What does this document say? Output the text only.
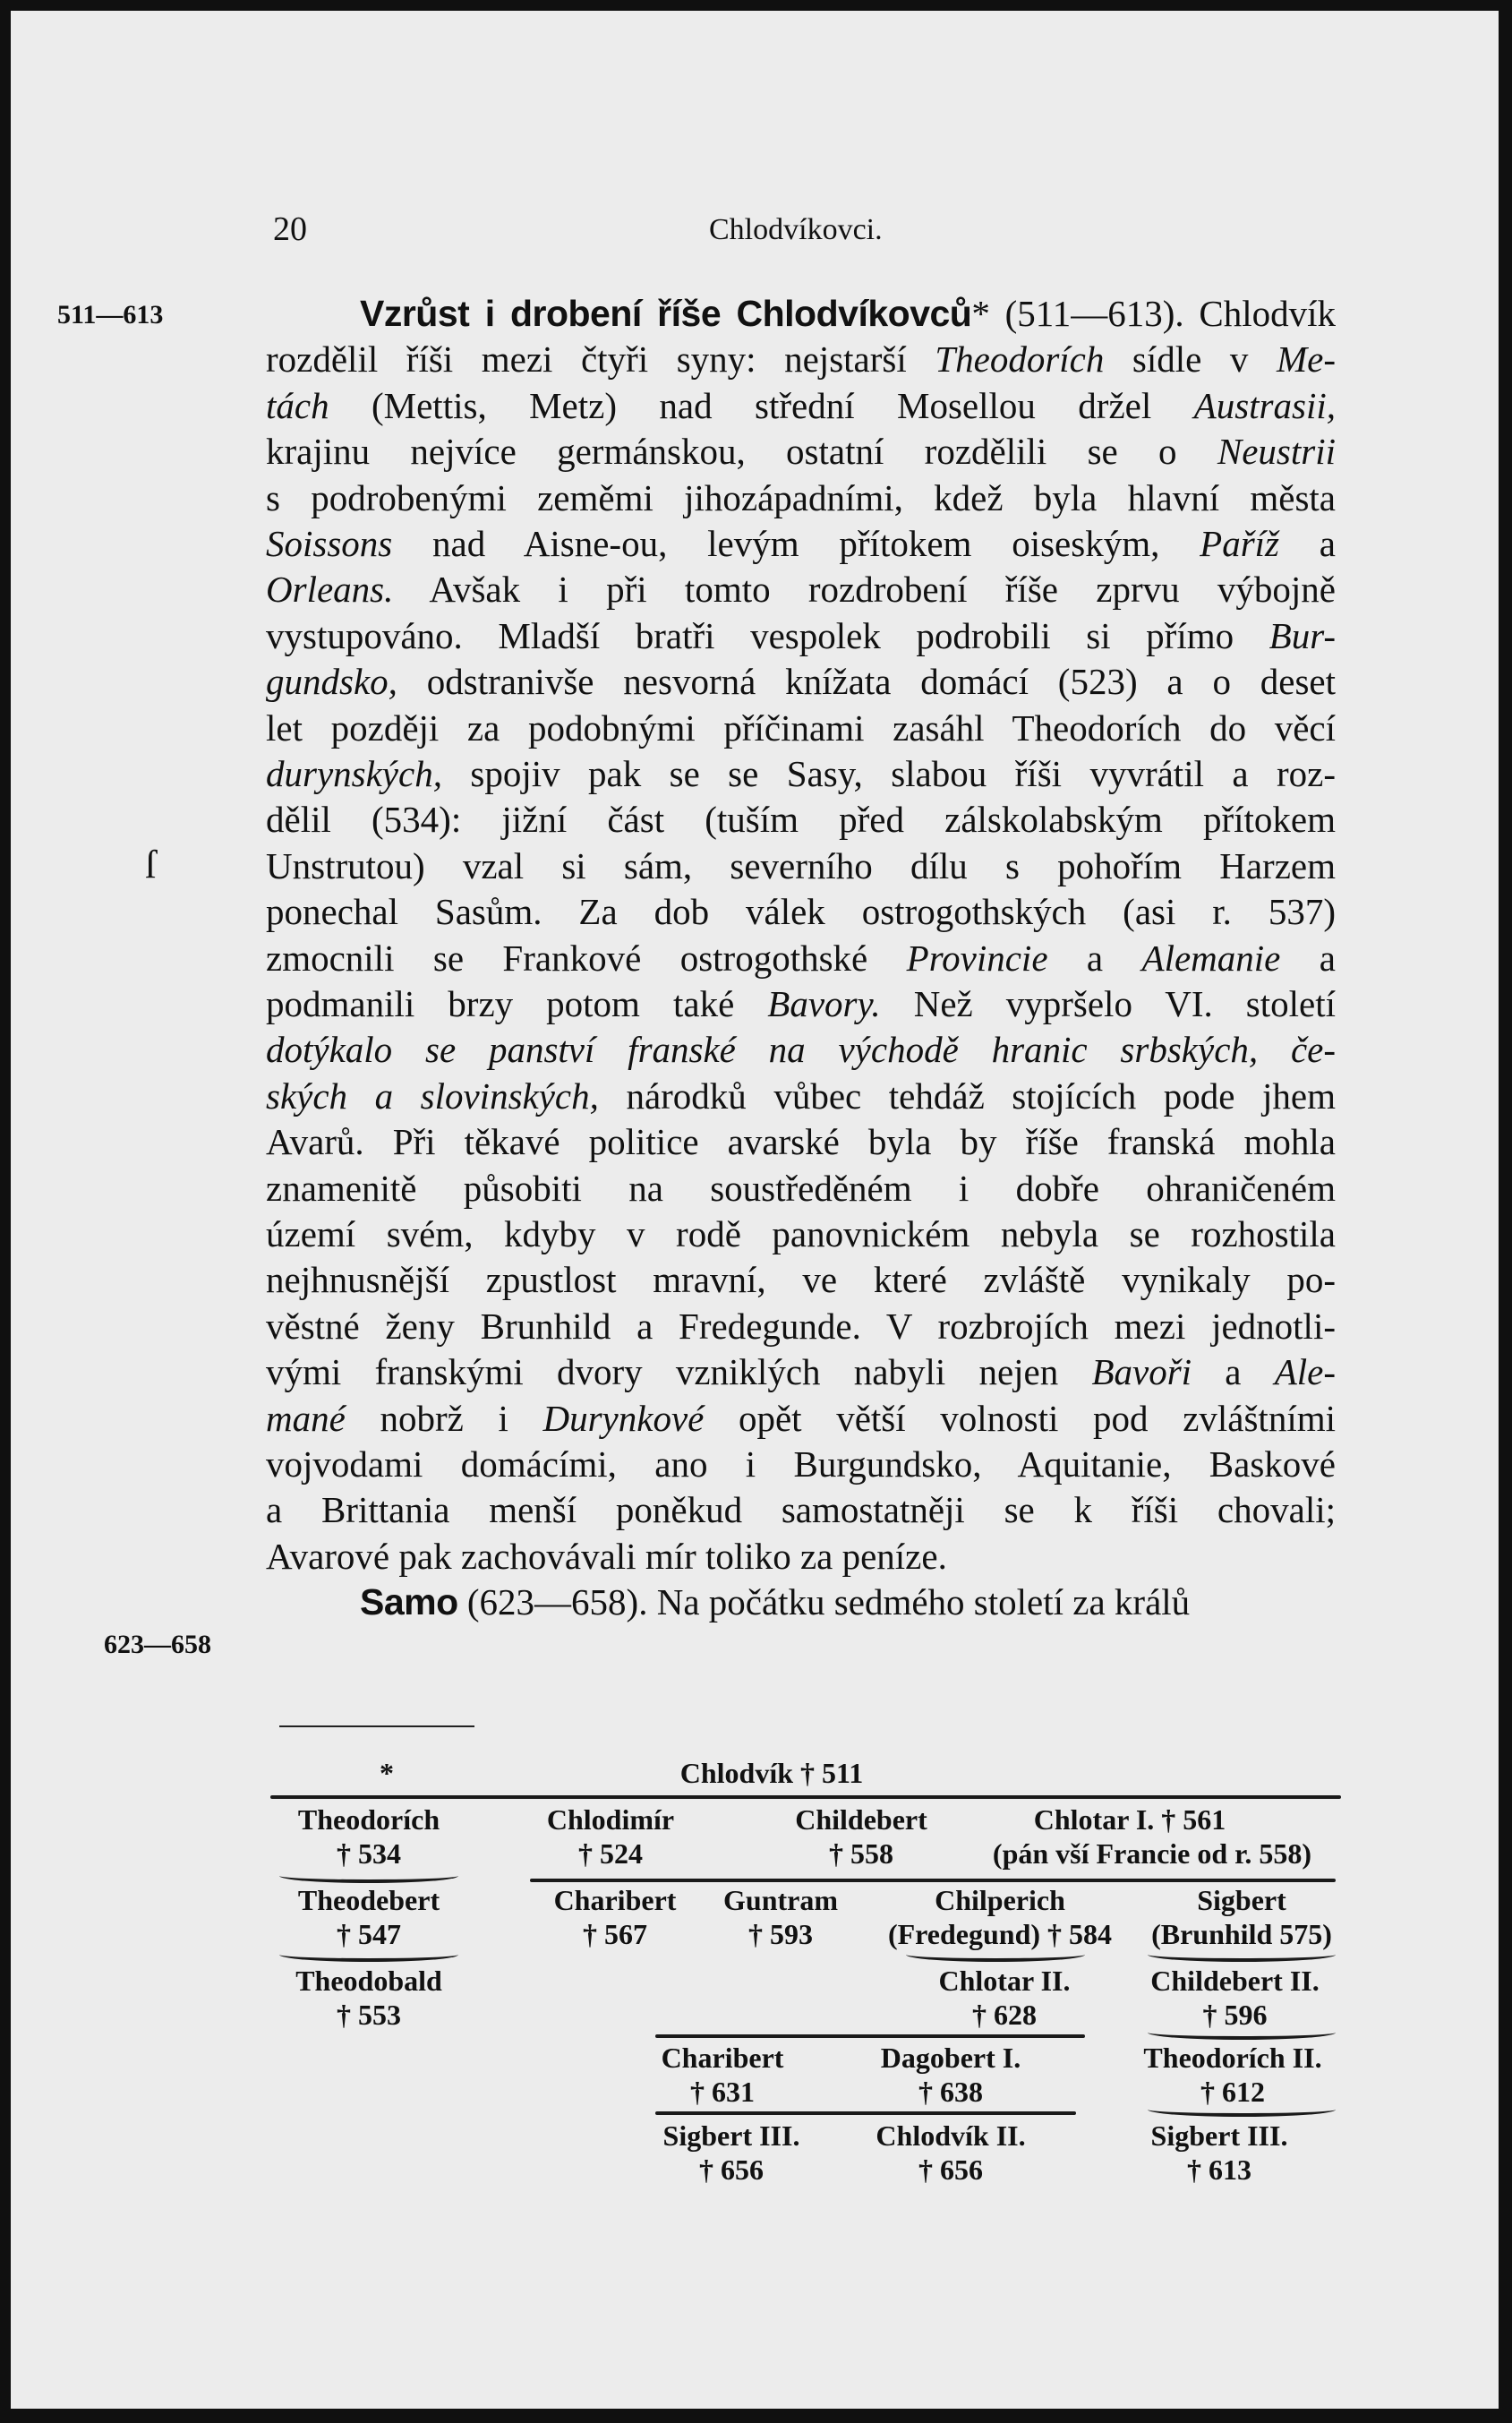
20	Chlodvíkovci.
511—613
ſ
623—658
Vzrůst i drobení říše Chlodvíkovců* (511—613). Chlodvík
rozdělil říši mezi čtyři syny: nejstarší Theodorích sídle v Me-
tách (Mettis, Metz) nad střední Mosellou držel Austrasii,
krajinu nejvíce germánskou, ostatní rozdělili se o Neustrii
s podrobenými zeměmi jihozápadními, kdež byla hlavní města
Soissons nad Aisne-ou, levým přítokem oiseským, Paříž a
Orleans. Avšak i při tomto rozdrobení říše zprvu výbojně
vystupováno. Mladší bratři vespolek podrobili si přímo Bur-
gundsko, odstranivše nesvorná knížata domácí (523) a o deset
let později za podobnými příčinami zasáhl Theodorích do věcí
durynských, spojiv pak se se Sasy, slabou říši vyvrátil a roz-
dělil (534): jižní část (tuším před zálskolabským přítokem
Unstrutou) vzal si sám, severního dílu s pohořím Harzem
ponechal Sasům. Za dob válek ostrogothských (asi r. 537)
zmocnili se Frankové ostrogothské Provincie a Alemanie a
podmanili brzy potom také Bavory. Než vypršelo VI. století
dotýkalo se panství franské na východě hranic srbských, če-
ských a slovinských, národků vůbec tehdáž stojících pode jhem
Avarů. Při těkavé politice avarské byla by říše franská mohla
znamenitě působiti na soustředěném i dobře ohraničeném
území svém, kdyby v rodě panovnickém nebyla se rozhostila
nejhnusnější zpustlost mravní, ve které zvláště vynikaly po-
věstné ženy Brunhild a Fredegunde. V rozbrojích mezi jednotli-
vými franskými dvory vzniklých nabyli nejen Bavoři a Ale-
mané nobrž i Durynkové opět větší volnosti pod zvláštními
vojvodami domácími, ano i Burgundsko, Aquitanie, Baskové
a Brittania menší poněkud samostatněji se k říši chovali;
Avarové pak zachovávali mír toliko za peníze.
Samo (623—658). Na počátku sedmého století za králů
*	Chlodvík † 511
Theodorích
† 534
Chlodimír
† 524
Childebert
† 558
Chlotar I. † 561
(pán vší Francie od r. 558)
Theodebert
† 547
Charibert
† 567
Guntram
† 593
Chilperich
(Fredegund) † 584
Sigbert
(Brunhild 575)
Theodobald
† 553
Chlotar II.
† 628
Childebert II.
† 596
Charibert
† 631
Dagobert I.
† 638
Theodorích II.
† 612
Sigbert III.
† 656
Chlodvík II.
† 656
Sigbert III.
† 613
